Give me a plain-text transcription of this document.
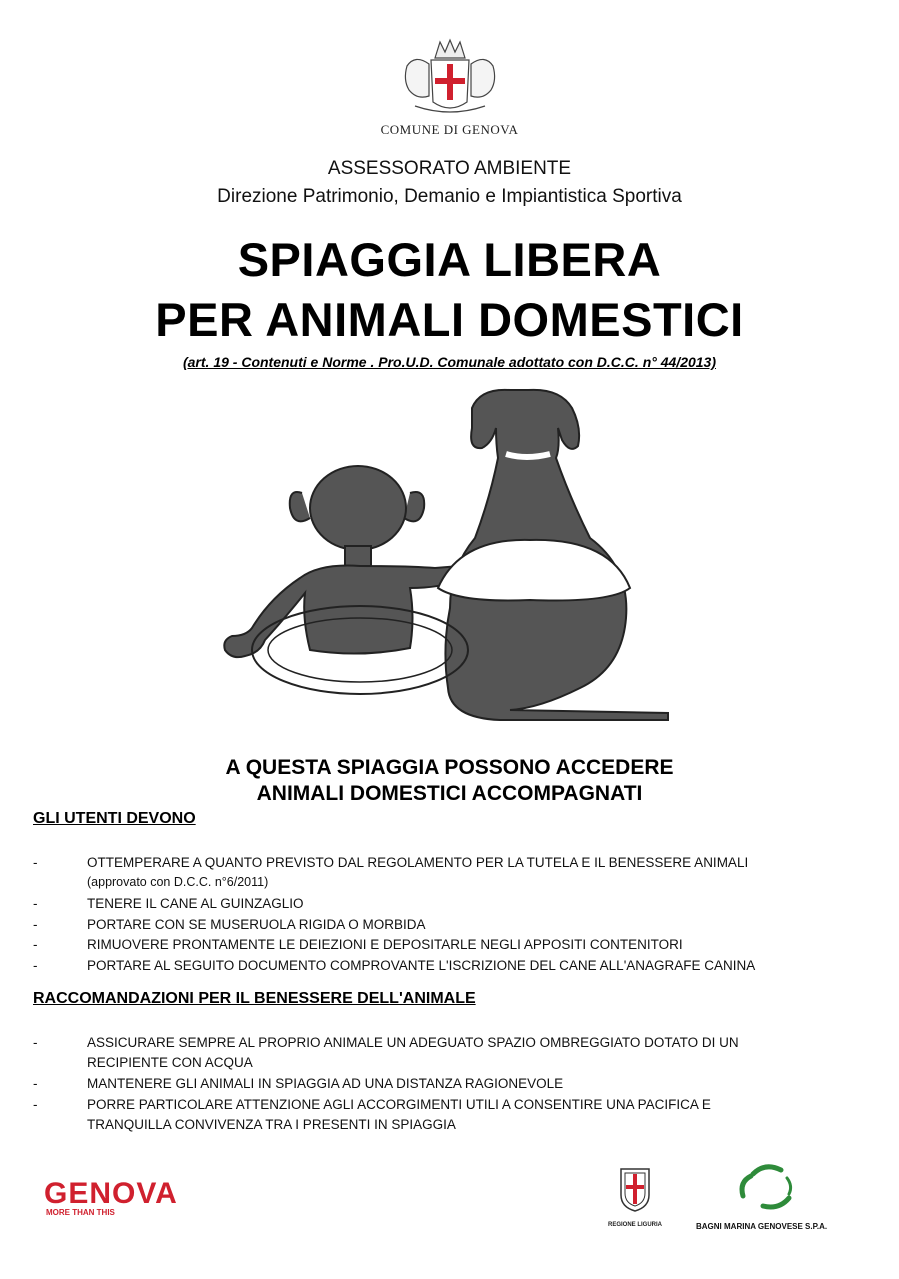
COMUNE DI GENOVA
ASSESSORATO AMBIENTE
Direzione Patrimonio, Demanio e Impiantistica Sportiva
SPIAGGIA LIBERA
PER ANIMALI DOMESTICI
(art. 19 - Contenuti e Norme . Pro.U.D. Comunale adottato con D.C.C. n° 44/2013)
A QUESTA SPIAGGIA POSSONO ACCEDERE
ANIMALI DOMESTICI ACCOMPAGNATI
GLI UTENTI DEVONO
-	OTTEMPERARE A QUANTO PREVISTO DAL REGOLAMENTO PER LA TUTELA E IL BENESSERE ANIMALI
(approvato con D.C.C. n°6/2011)
-	TENERE IL CANE AL GUINZAGLIO
-	PORTARE CON SE MUSERUOLA RIGIDA O MORBIDA
-	RIMUOVERE PRONTAMENTE LE DEIEZIONI E DEPOSITARLE NEGLI APPOSITI CONTENITORI
-	PORTARE AL SEGUITO DOCUMENTO COMPROVANTE L'ISCRIZIONE DEL CANE ALL'ANAGRAFE CANINA
RACCOMANDAZIONI PER IL BENESSERE DELL'ANIMALE
-	ASSICURARE SEMPRE AL PROPRIO ANIMALE UN ADEGUATO SPAZIO OMBREGGIATO DOTATO DI UN
RECIPIENTE CON ACQUA
-	MANTENERE GLI ANIMALI IN SPIAGGIA AD UNA DISTANZA RAGIONEVOLE
-	PORRE PARTICOLARE ATTENZIONE AGLI ACCORGIMENTI UTILI A CONSENTIRE UNA PACIFICA E
TRANQUILLA CONVIVENZA TRA I PRESENTI IN SPIAGGIA
GENOVA
MORE THAN THIS
REGIONE LIGURIA	BAGNI MARINA GENOVESE S.P.A.
